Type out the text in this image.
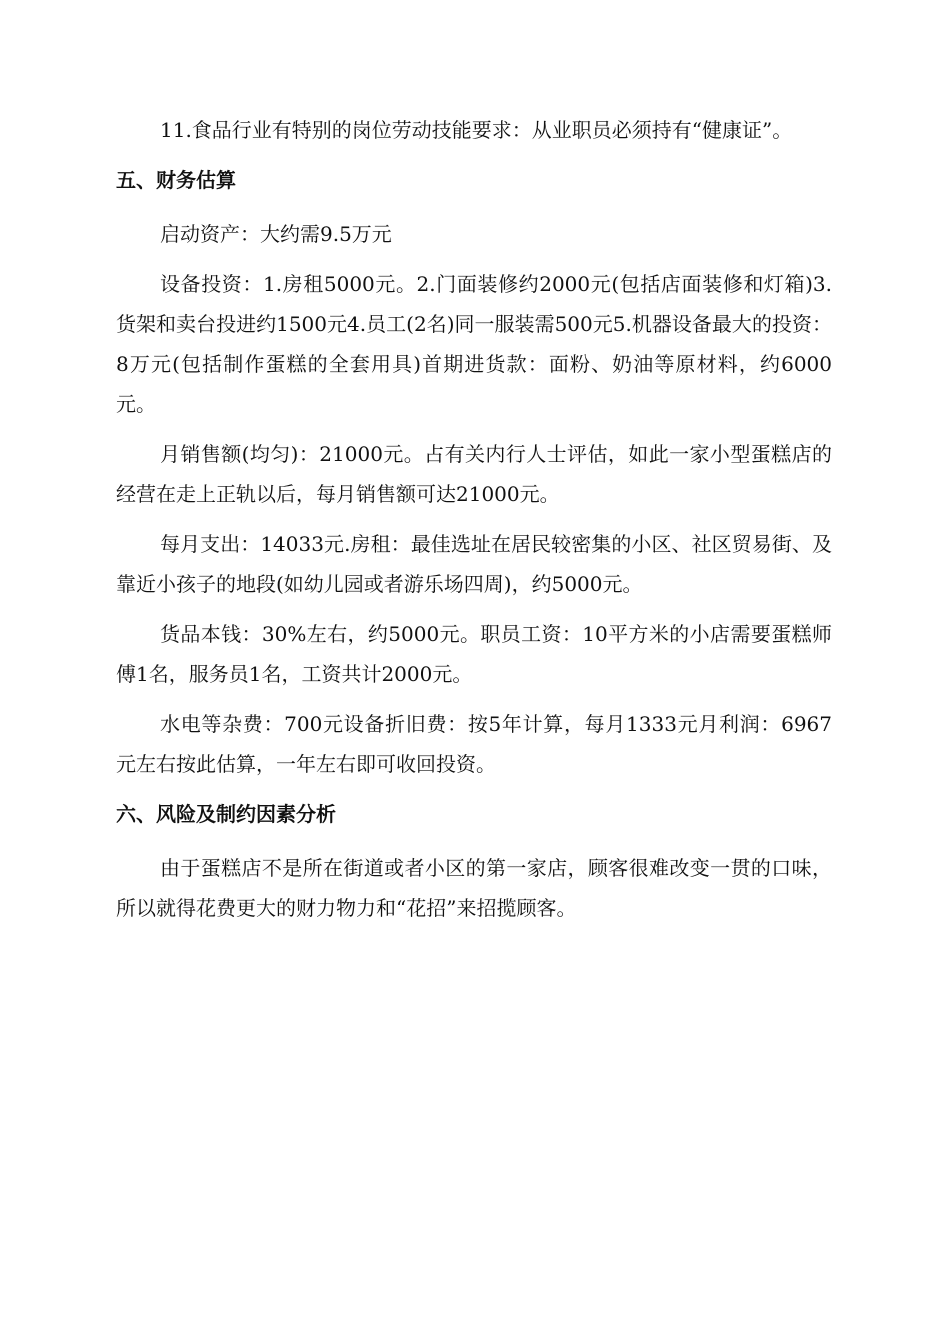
11.食品行业有特别的岗位劳动技能要求：从业职员必须持有“健康证”。

五、财务估算

启动资产：大约需9.5万元

设备投资：1.房租5000元。2.门面装修约2000元(包括店面装修和灯箱)3.货架和卖台投进约1500元4.员工(2名)同一服装需500元5.机器设备最大的投资：8万元(包括制作蛋糕的全套用具)首期进货款：面粉、奶油等原材料，约6000元。

月销售额(均匀)：21000元。占有关内行人士评估，如此一家小型蛋糕店的经营在走上正轨以后，每月销售额可达21000元。

每月支出：14033元.房租：最佳选址在居民较密集的小区、社区贸易街、及靠近小孩子的地段(如幼儿园或者游乐场四周)，约5000元。

货品本钱：30%左右，约5000元。职员工资：10平方米的小店需要蛋糕师傅1名，服务员1名，工资共计2000元。

水电等杂费：700元设备折旧费：按5年计算，每月1333元月利润：6967元左右按此估算，一年左右即可收回投资。

六、风险及制约因素分析

由于蛋糕店不是所在街道或者小区的第一家店，顾客很难改变一贯的口味，所以就得花费更大的财力物力和“花招”来招揽顾客。
